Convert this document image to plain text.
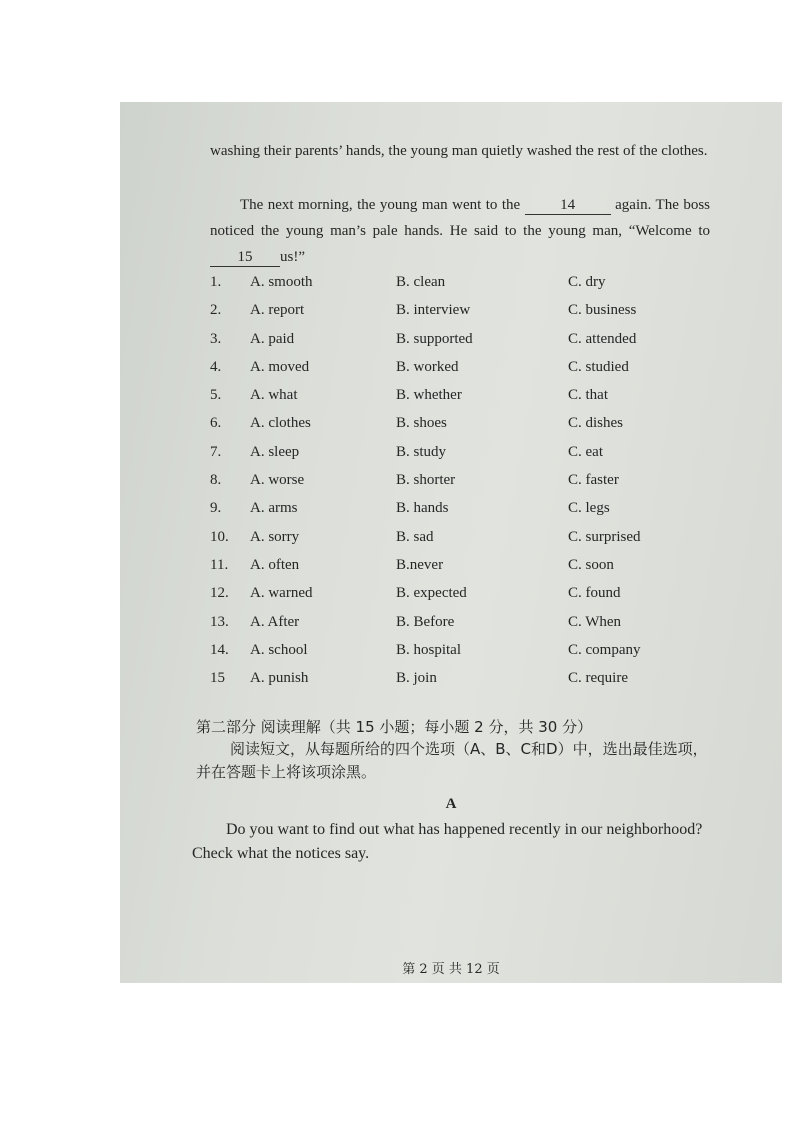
washing their parents’ hands, the young man quietly washed the rest of the clothes.
The next morning, the young man went to the	14	again. The boss noticed the young man’s pale hands. He said to the young man, “Welcome to 15 us!”
1.	A. smooth	B. clean	C. dry
2.	A. report	B. interview	C. business
3.	A. paid	B. supported	C. attended
4.	A. moved	B. worked	C. studied
5.	A. what	B. whether	C. that
6.	A. clothes	B. shoes	C. dishes
7.	A. sleep	B. study	C. eat
8.	A. worse	B. shorter	C. faster
9.	A. arms	B. hands	C. legs
10.	A. sorry	B. sad	C. surprised
11.	A. often	B.never	C. soon
12.	A. warned	B. expected	C. found
13.	A. After	B. Before	C. When
14.	A. school	B. hospital	C. company
15	A. punish	B. join	C. require
第二部分 阅读理解（共 15 小题；每小题 2 分，共 30 分）
阅读短文，从每题所给的四个选项（A、B、C和D）中，选出最佳选项，并在答题卡上将该项涂黑。
A
Do you want to find out what has happened recently in our neighborhood? Check what the notices say.
第 2 页 共 12 页
